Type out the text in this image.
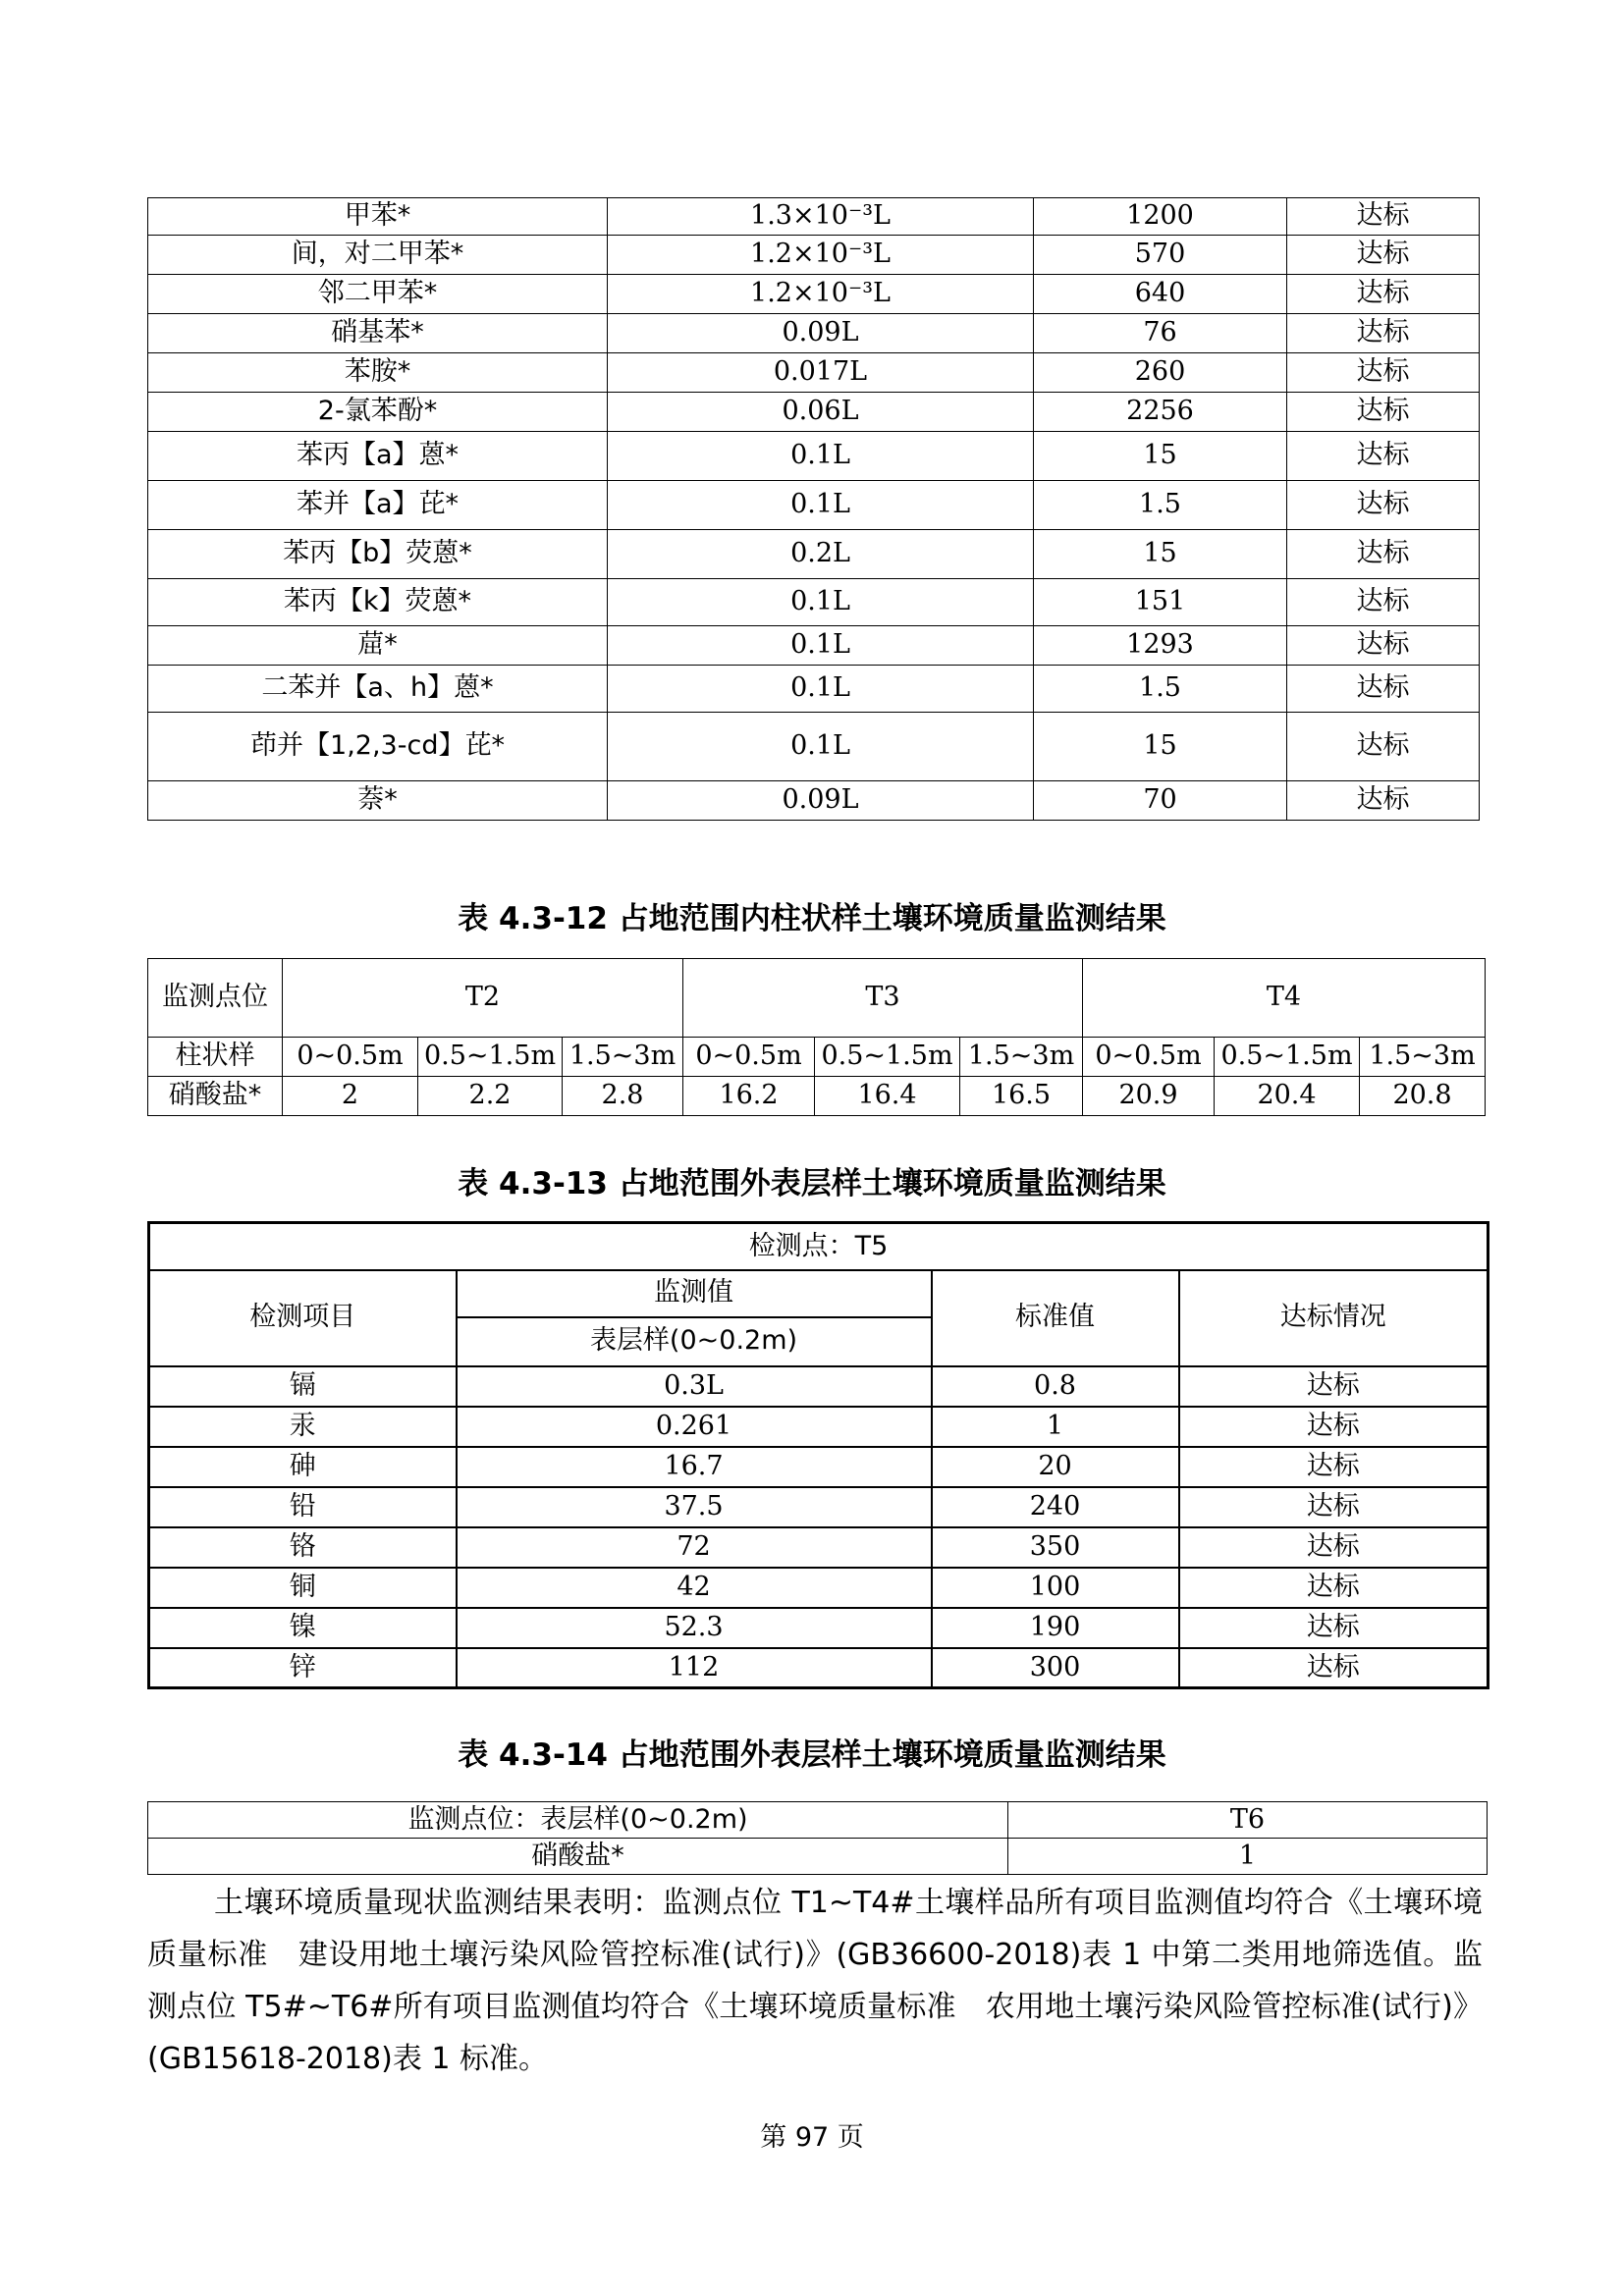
甲苯*	1.3×10⁻³L	1200	达标
间，对二甲苯*	1.2×10⁻³L	570	达标
邻二甲苯*	1.2×10⁻³L	640	达标
硝基苯*	0.09L	76	达标
苯胺*	0.017L	260	达标
2-氯苯酚*	0.06L	2256	达标
苯丙【a】蒽*	0.1L	15	达标
苯并【a】芘*	0.1L	1.5	达标
苯丙【b】荧蒽*	0.2L	15	达标
苯丙【k】荧蒽*	0.1L	151	达标
䓛*	0.1L	1293	达标
二苯并【a、h】蒽*	0.1L	1.5	达标
茚并【1,2,3-cd】芘*	0.1L	15	达标
萘*	0.09L	70	达标
表 4.3-12 占地范围内柱状样土壤环境质量监测结果
监测点位	T2			T3			T4		
柱状样	0~0.5m	0.5~1.5m	1.5~3m	0~0.5m	0.5~1.5m	1.5~3m	0~0.5m	0.5~1.5m	1.5~3m
硝酸盐*	2	2.2	2.8	16.2	16.4	16.5	20.9	20.4	20.8
表 4.3-13 占地范围外表层样土壤环境质量监测结果
检测点：T5			
检测项目	监测值	标准值	达标情况
	表层样(0~0.2m)		
镉	0.3L	0.8	达标
汞	0.261	1	达标
砷	16.7	20	达标
铅	37.5	240	达标
铬	72	350	达标
铜	42	100	达标
镍	52.3	190	达标
锌	112	300	达标
表 4.3-14 占地范围外表层样土壤环境质量监测结果
监测点位：表层样(0~0.2m)	T6
硝酸盐*	1

土壤环境质量现状监测结果表明：监测点位 T1~T4#土壤样品所有项目监测值均符合《土壤环境质量标准　建设用地土壤污染风险管控标准(试行)》(GB36600-2018)表 1 中第二类用地筛选值。监测点位 T5#~T6#所有项目监测值均符合《土壤环境质量标准　农用地土壤污染风险管控标准(试行)》(GB15618-2018)表 1 标准。

第 97 页
